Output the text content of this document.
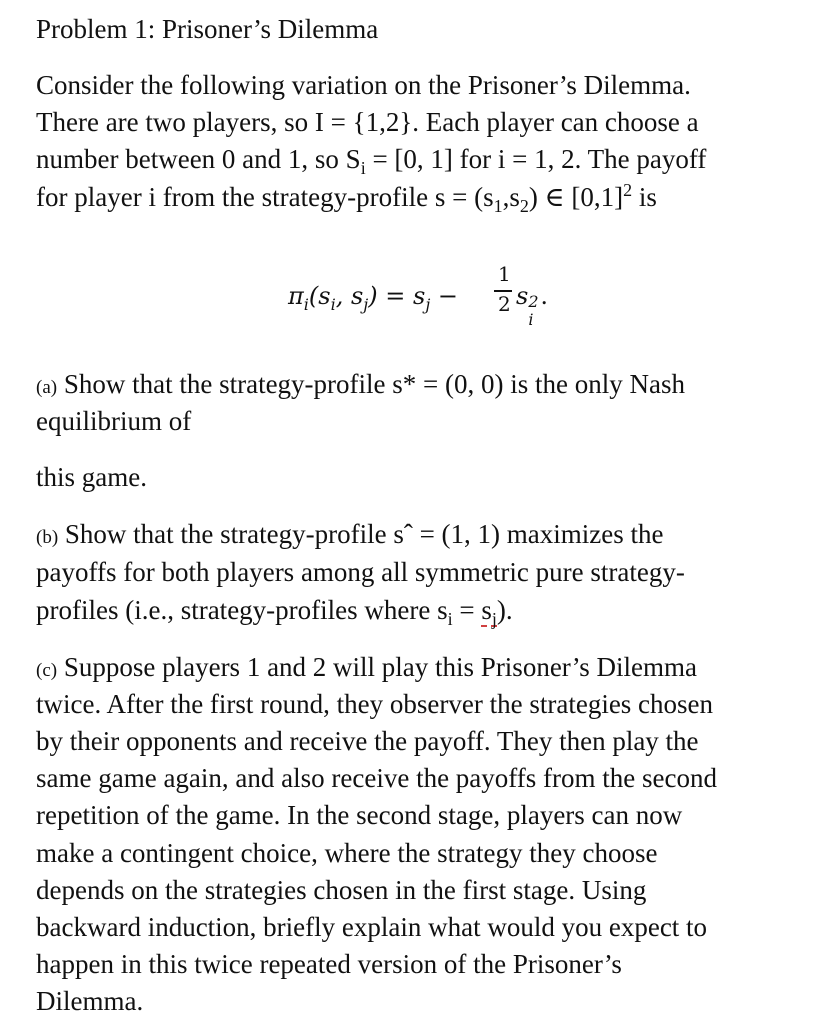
Problem 1: Prisoner’s Dilemma
Consider the following variation on the Prisoner’s Dilemma.
There are two players, so I = {1,2}. Each player can choose a
number between 0 and 1, so $S_i = [0$, 1] for i = 1, 2. The payoff
for player i from the strategy-profile $s = (s_1,s_2)$ ∈ $[0,1]^2$ is
$\pi_i(s_i$, $s_j) = s_j$ −
1
2 s 2
i
.
(a) Show that the strategy-profile s* = (0, 0) is the only Nash
equilibrium of
this game.
(b) Show that the strategy-profile sˆ = (1, 1) maximizes the
payoffs for both players among all symmetric pure strategy-
profiles (i.e., strategy-profiles where $s_i = s_j$).
(c) Suppose players 1 and 2 will play this Prisoner’s Dilemma
twice. After the first round, they observer the strategies chosen
by their opponents and receive the payoff. They then play the
same game again, and also receive the payoffs from the second
repetition of the game. In the second stage, players can now
make a contingent choice, where the strategy they choose
depends on the strategies chosen in the first stage. Using
backward induction, briefly explain what would you expect to
happen in this twice repeated version of the Prisoner’s
Dilemma.
